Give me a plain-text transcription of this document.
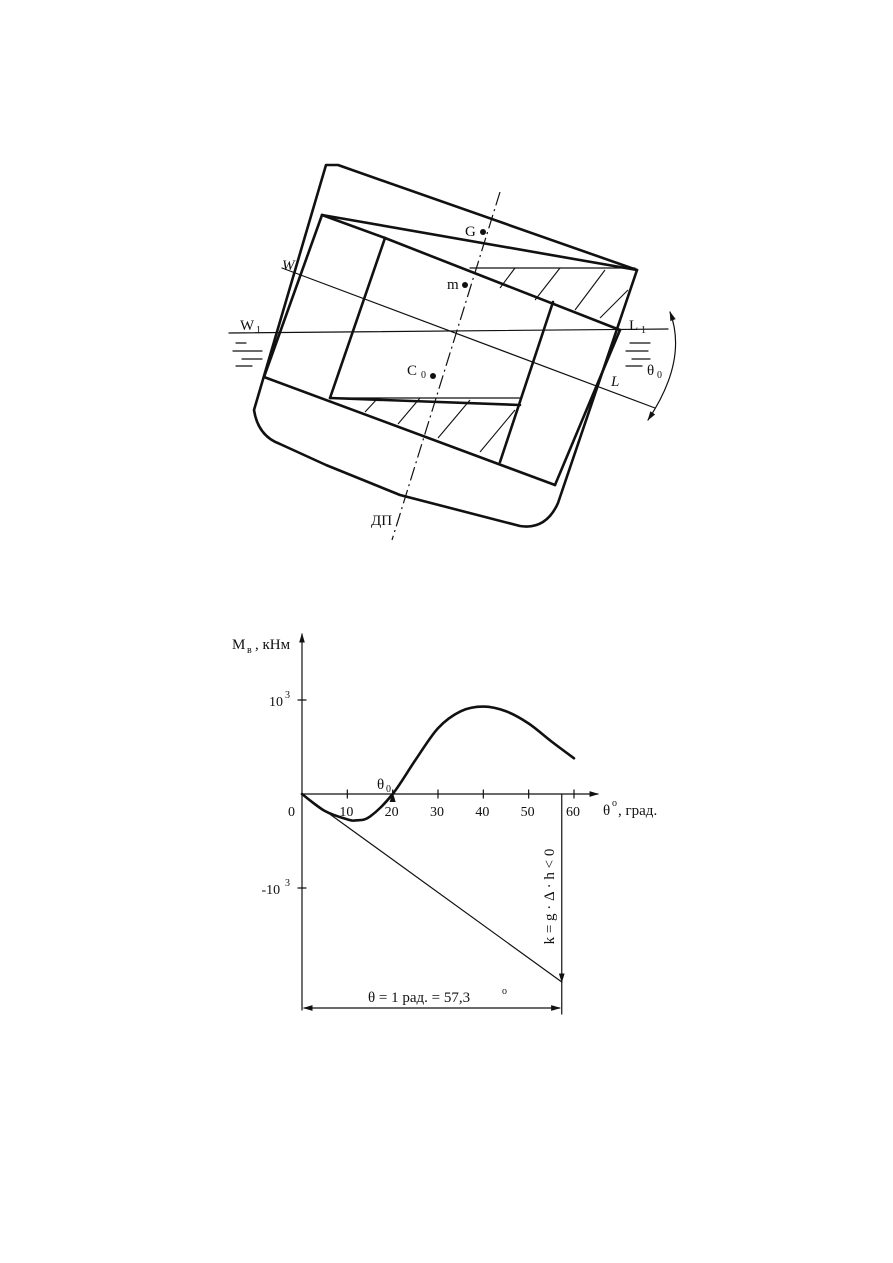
G
m
C 0
W
L
W 1	L 1
ДП
θ 0
M в , кНм
θ o , град.
10 3
-10 3
0	10 20 30 40 50 60
θ 0
k = g · Δ · h < 0
θ = 1 рад. = 57,3	o
